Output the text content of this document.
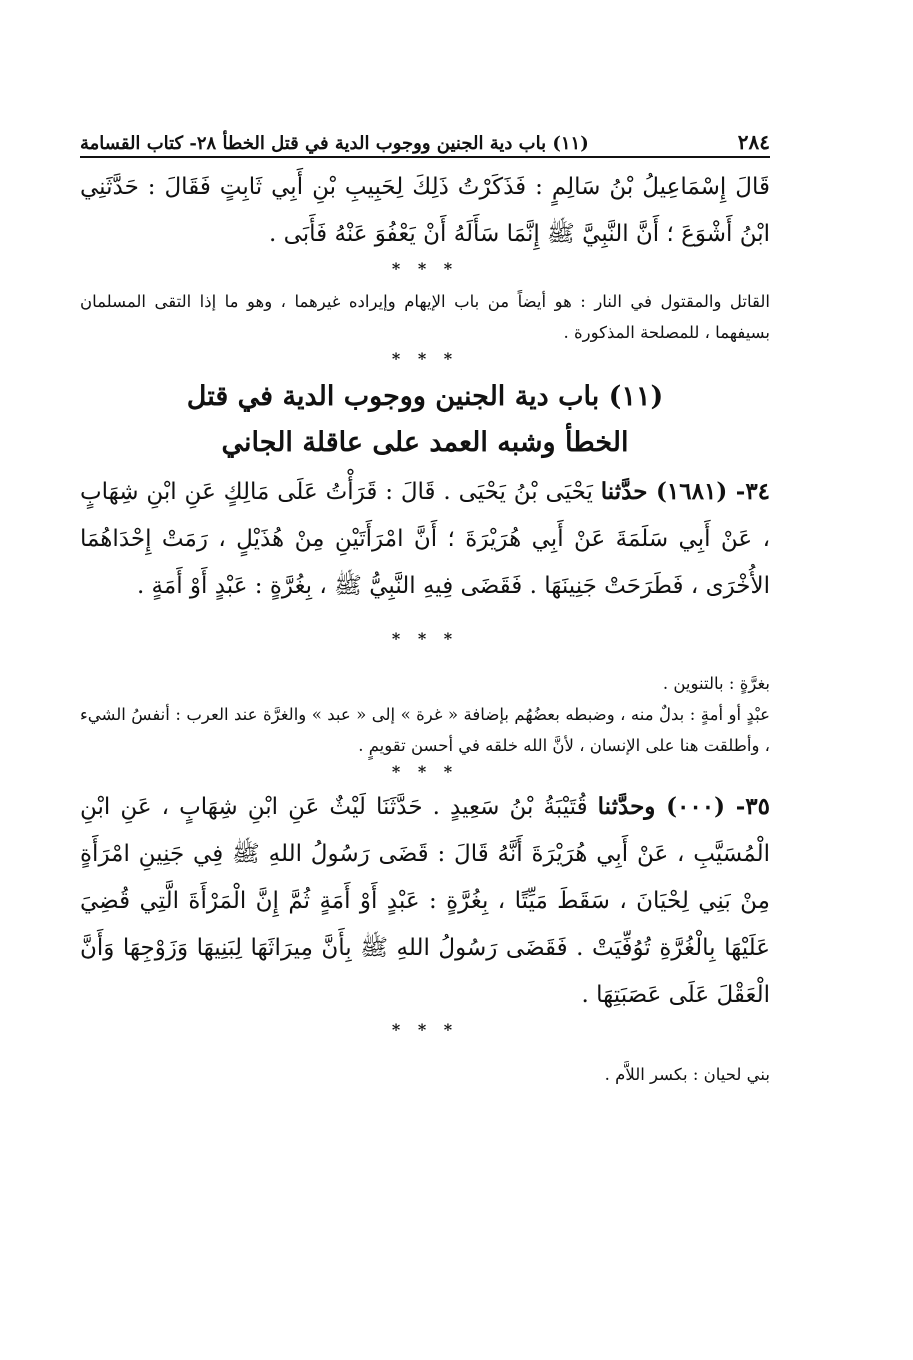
٢٨٤
(١١) باب دية الجنين ووجوب الدية في قتل الخطأ ٢٨- كتاب القسامة

قَالَ إِسْمَاعِيلُ بْنُ سَالِمٍ : فَذَكَرْتُ ذَلِكَ لِحَبِيبِ بْنِ أَبِي ثَابِتٍ فَقَالَ : حَدَّثَنِي ابْنُ أَشْوَعَ ؛ أَنَّ النَّبِيَّ ﷺ إِنَّمَا سَأَلَهُ أَنْ يَعْفُوَ عَنْهُ فَأَبَى .

* * *

القاتل والمقتول في النار : هو أيضاً من باب الإيهام وإيراده غيرهما ، وهو ما إذا التقى المسلمان بسيفهما ، للمصلحة المذكورة .

* * *
(١١) باب دية الجنين ووجوب الدية في قتل
الخطأ وشبه العمد على عاقلة الجاني

٣٤- (١٦٨١) حدَّثنا يَحْيَى بْنُ يَحْيَى . قَالَ : قَرَأْتُ عَلَى مَالِكٍ عَنِ ابْنِ شِهَابٍ ، عَنْ أَبِي سَلَمَةَ عَنْ أَبِي هُرَيْرَةَ ؛ أَنَّ امْرَأَتَيْنِ مِنْ هُذَيْلٍ ، رَمَتْ إِحْدَاهُمَا الأُخْرَى ، فَطَرَحَتْ جَنِينَهَا . فَقَضَى فِيهِ النَّبِيُّ ﷺ ، بِغُرَّةٍ : عَبْدٍ أَوْ أَمَةٍ .

* * *

بغرَّةٍ : بالتنوين .

عبْدٍ أو أمةٍ : بدلٌ منه ، وضبطه بعضُهُم بإضافة « غرة » إلى « عبد » والغرَّة عند العرب : أنفسُ الشيء ، وأطلقت هنا على الإنسان ، لأنَّ الله خلقه في أحسن تقويمٍ .

* * *

٣٥- (٠٠٠) وحدَّثنا قُتَيْبَةُ بْنُ سَعِيدٍ . حَدَّثَنَا لَيْثٌ عَنِ ابْنِ شِهَابٍ ، عَنِ ابْنِ الْمُسَيَّبِ ، عَنْ أَبِي هُرَيْرَةَ أَنَّهُ قَالَ : قَضَى رَسُولُ اللهِ ﷺ فِي جَنِينِ امْرَأَةٍ مِنْ بَنِي لِحْيَانَ ، سَقَطَ مَيِّتًا ، بِغُرَّةٍ : عَبْدٍ أَوْ أَمَةٍ ثُمَّ إِنَّ الْمَرْأَةَ الَّتِي قُضِيَ عَلَيْهَا بِالْغُرَّةِ تُوُفِّيَتْ . فَقَضَى رَسُولُ اللهِ ﷺ بِأَنَّ مِيرَاثَهَا لِبَنِيهَا وَزَوْجِهَا وَأَنَّ الْعَقْلَ عَلَى عَصَبَتِهَا .

* * *

بني لحيان : بكسر اللاَّم .
